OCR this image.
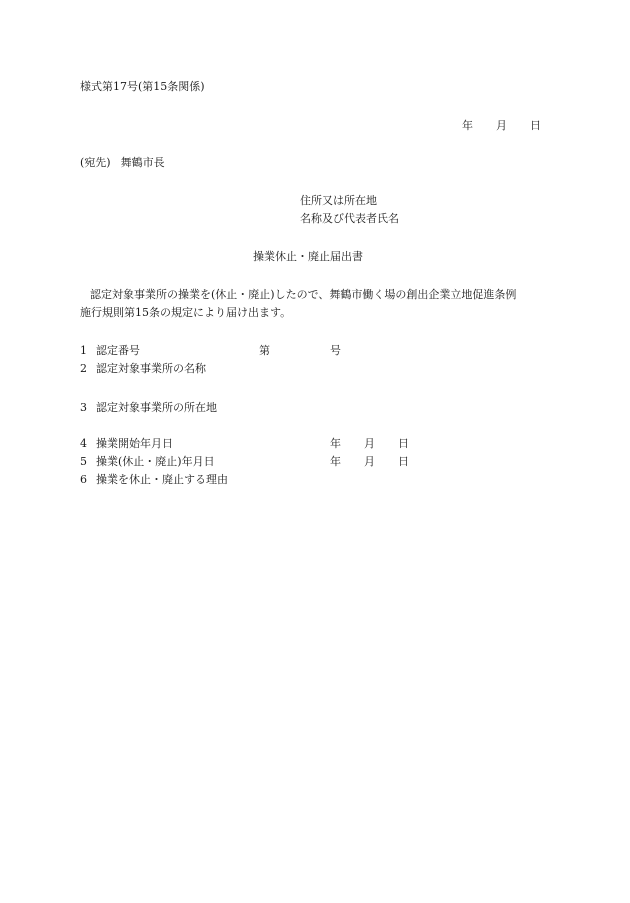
様式第17号(第15条関係)
年 月 日
(宛先) 舞鶴市長
住所又は所在地
名称及び代表者氏名
操業休止・廃止届出書
認定対象事業所の操業を(休止・廃止)したので、舞鶴市働く場の創出企業立地促進条例
施行規則第15条の規定により届け出ます。
1 認定番号
2 認定対象事業所の名称
3 認定対象事業所の所在地
4 操業開始年月日
5 操業(休止・廃止)年月日
6 操業を休止・廃止する理由
第	号
年 月 日
年 月 日
